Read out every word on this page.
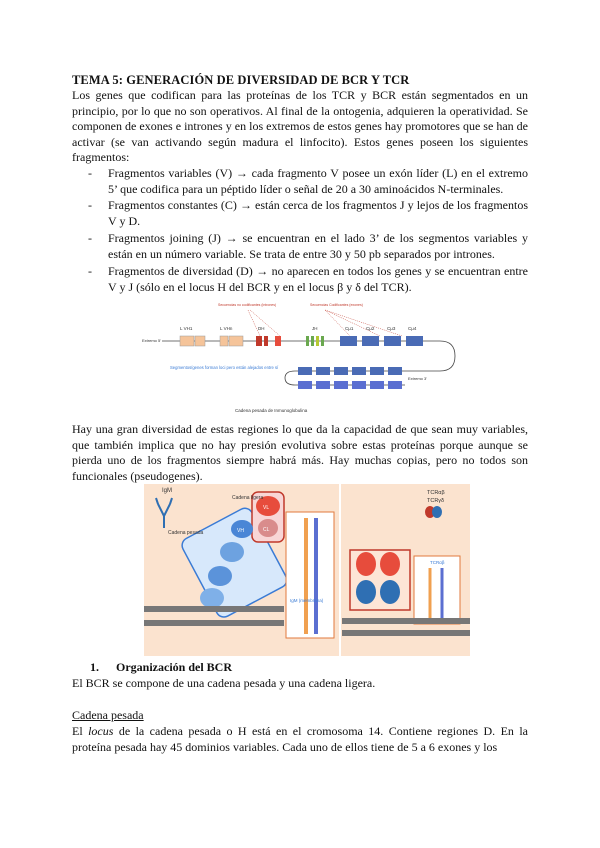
TEMA 5: GENERACIÓN DE DIVERSIDAD DE BCR Y TCR
Los genes que codifican para las proteínas de los TCR y BCR están segmentados en un principio, por lo que no son operativos. Al final de la ontogenia, adquieren la operatividad. Se componen de exones e intrones y en los extremos de estos genes hay promotores que se han de activar (se van activando según madura el linfocito). Estos genes poseen los siguientes fragmentos:
- Fragmentos variables (V) → cada fragmento V posee un exón líder (L) en el extremo 5’ que codifica para un péptido líder o señal de 20 a 30 aminoácidos N-terminales.
- Fragmentos constantes (C) → están cerca de los fragmentos J y lejos de los fragmentos V y D.
- Fragmentos joining (J) → se encuentran en el lado 3’ de los segmentos variables y están en un número variable. Se trata de entre 30 y 50 pb separados por intrones.
- Fragmentos de diversidad (D) → no aparecen en todos los genes y se encuentran entre V y J (sólo en el locus H del BCR y en el locus β y δ del TCR).
Secuencias no codificantes (intrones)	Secuencias Codificantes (exones)
Extremo 5’
L VH1	L VHn	DH	JH	Cμ1	Cμ2	Cμ3	Cμ4
Extremo 3’
Segmentos/genes forman loci pero están alejados entre sí
Cadena pesada de Inmunoglobulina
Hay una gran diversidad de estas regiones lo que da la capacidad de que sean muy variables, que también implica que no hay presión evolutiva sobre estas proteínas porque aunque se pierda uno de los fragmentos siempre habrá más. Hay muchas copias, pero no todos son funcionales (pseudogenes).
IgM
VL
CL
VH
Cadena ligera
Cadena pesada
IgM (membrana)
TCRαβ
TCRγδ
TCRαβ
1. Organización del BCR
El BCR se compone de una cadena pesada y una cadena ligera.
Cadena pesada
El locus de la cadena pesada o H está en el cromosoma 14. Contiene regiones D. En la proteína pesada hay 45 dominios variables. Cada uno de ellos tiene de 5 a 6 exones y los
